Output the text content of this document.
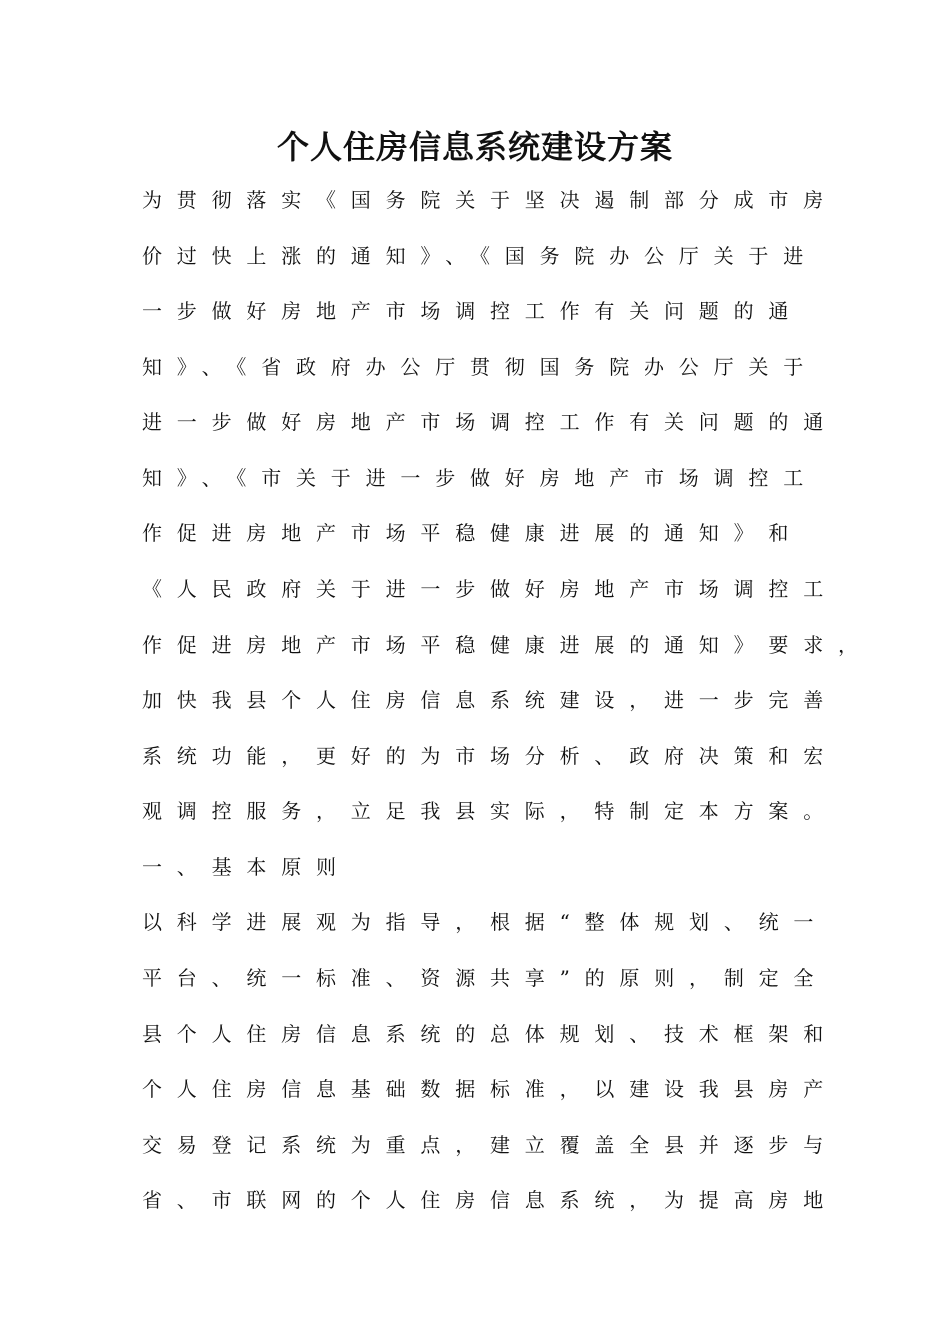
个人住房信息系统建设方案

为贯彻落实《国务院关于坚决遏制部分成市房

价过快上涨的通知》、《国务院办公厅关于进

一步做好房地产市场调控工作有关问题的通

知》、《省政府办公厅贯彻国务院办公厅关于

进一步做好房地产市场调控工作有关问题的通

知》、《市关于进一步做好房地产市场调控工

作促进房地产市场平稳健康进展的通知》和

《人民政府关于进一步做好房地产市场调控工

作促进房地产市场平稳健康进展的通知》要求，

加快我县个人住房信息系统建设，进一步完善

系统功能，更好的为市场分析、政府决策和宏

观调控服务，立足我县实际，特制定本方案。

一、基本原则

以科学进展观为指导，根据“整体规划、统一

平台、统一标准、资源共享”的原则，制定全

县个人住房信息系统的总体规划、技术框架和

个人住房信息基础数据标准，以建设我县房产

交易登记系统为重点，建立覆盖全县并逐步与

省、市联网的个人住房信息系统，为提高房地
